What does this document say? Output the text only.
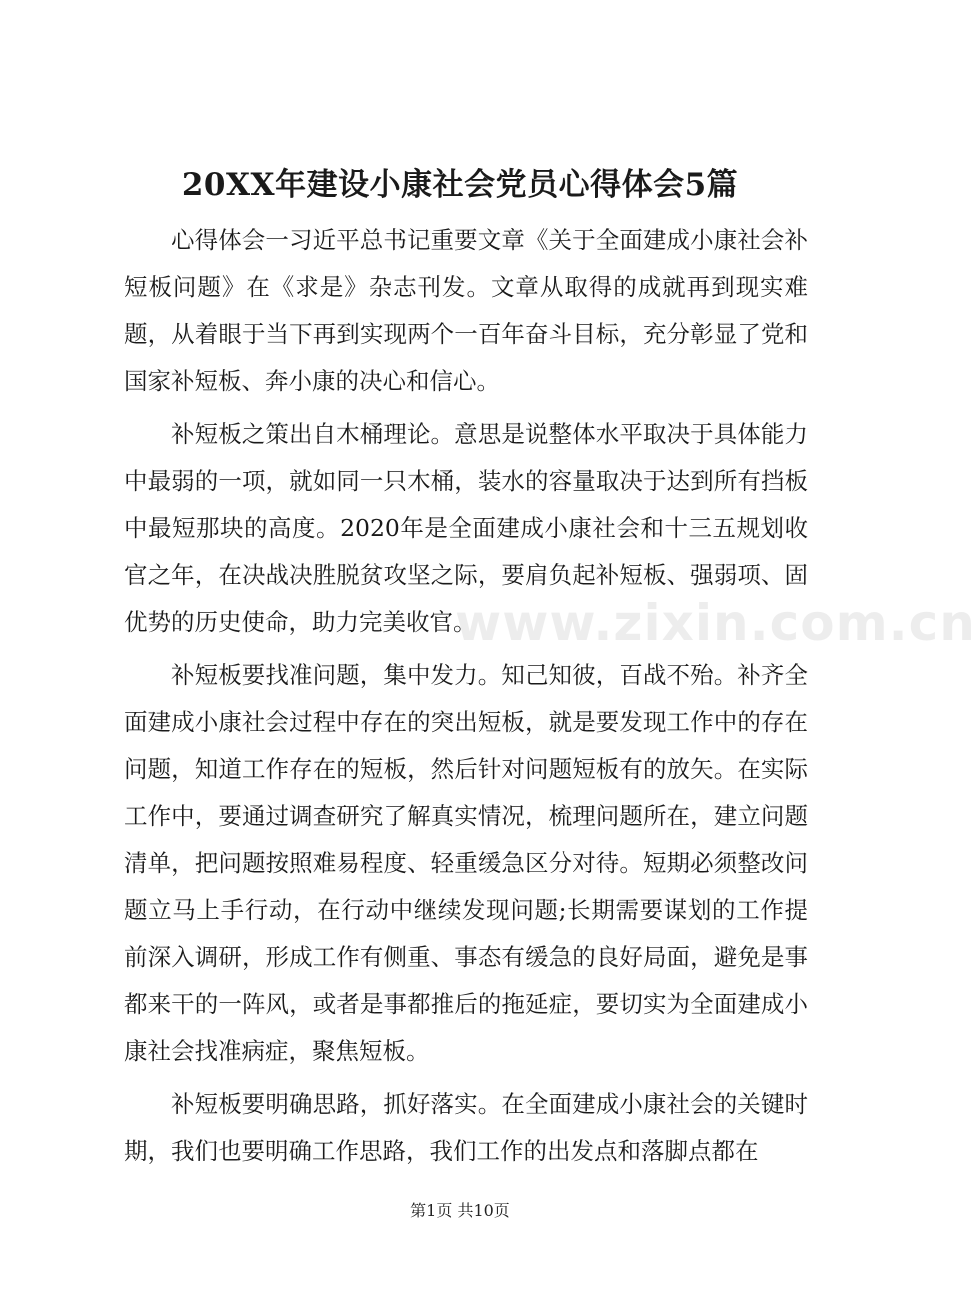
20XX年建设小康社会党员心得体会5篇

心得体会一习近平总书记重要文章《关于全面建成小康社会补短板问题》在《求是》杂志刊发。文章从取得的成就再到现实难题，从着眼于当下再到实现两个一百年奋斗目标，充分彰显了党和国家补短板、奔小康的决心和信心。

补短板之策出自木桶理论。意思是说整体水平取决于具体能力中最弱的一项，就如同一只木桶，装水的容量取决于达到所有挡板中最短那块的高度。2020年是全面建成小康社会和十三五规划收官之年，在决战决胜脱贫攻坚之际，要肩负起补短板、强弱项、固优势的历史使命，助力完美收官。

补短板要找准问题，集中发力。知己知彼，百战不殆。补齐全面建成小康社会过程中存在的突出短板，就是要发现工作中的存在问题，知道工作存在的短板，然后针对问题短板有的放矢。在实际工作中，要通过调查研究了解真实情况，梳理问题所在，建立问题清单，把问题按照难易程度、轻重缓急区分对待。短期必须整改问题立马上手行动，在行动中继续发现问题;长期需要谋划的工作提前深入调研，形成工作有侧重、事态有缓急的良好局面，避免是事都来干的一阵风，或者是事都推后的拖延症，要切实为全面建成小康社会找准病症，聚焦短板。

补短板要明确思路，抓好落实。在全面建成小康社会的关键时期，我们也要明确工作思路，我们工作的出发点和落脚点都在

www.zixin.com.cn
第1页 共10页
